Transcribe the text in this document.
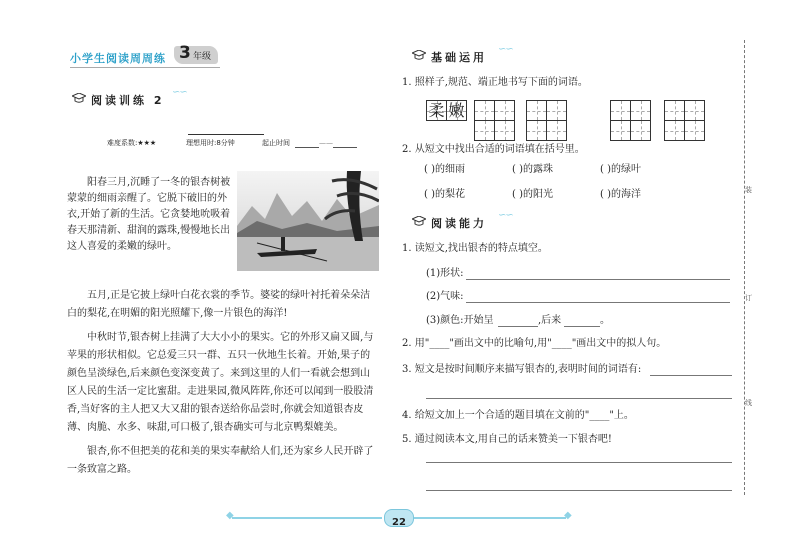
小学生阅读周周练 3 年级
阅读训练 2
∽∽
难度系数:★★★	理想用时:8分钟	起止时间	——

阳春三月,沉睡了一冬的银杏树被蒙蒙的细雨亲醒了。它脱下破旧的外衣,开始了新的生活。它贪婪地吮吸着春天那清新、甜润的露珠,慢慢地长出这人喜爱的柔嫩的绿叶。

五月,正是它披上绿叶白花衣裳的季节。婆娑的绿叶衬托着朵朵洁白的梨花,在明媚的阳光照耀下,像一片银色的海洋!

中秋时节,银杏树上挂满了大大小小的果实。它的外形又扁又圆,与苹果的形状相似。它总爱三只一群、五只一伙地生长着。开始,果子的颜色呈淡绿色,后来颜色变深变黄了。来到这里的人们一看就会想到山区人民的生活一定比蜜甜。走进果园,微风阵阵,你还可以闻到一股股清香,当好客的主人把又大又甜的银杏送给你品尝时,你就会知道银杏皮薄、肉脆、水多、味甜,可口极了,银杏确实可与北京鸭梨媲美。

银杏,你不但把美的花和美的果实奉献给人们,还为家乡人民开辟了一条致富之路。

基础运用
∽∽
1. 照样子,规范、端正地书写下面的词语。
柔 嫩
2. 从短文中找出合适的词语填在括号里。
( )的细雨	( )的露珠	( )的绿叶
( )的梨花	( )的阳光	( )的海洋
阅读能力
∽∽
1. 读短文,找出银杏的特点填空。
(1)形状:
(2)气味:
(3)颜色:开始呈	,后来	。
2. 用"____"画出文中的比喻句,用"____"画出文中的拟人句。
3. 短文是按时间顺序来描写银杏的,表明时间的词语有:
4. 给短文加上一个合适的题目填在文前的"____"上。
5. 通过阅读本文,用自己的话来赞美一下银杏吧!
装
订
线
◆	◆
22
